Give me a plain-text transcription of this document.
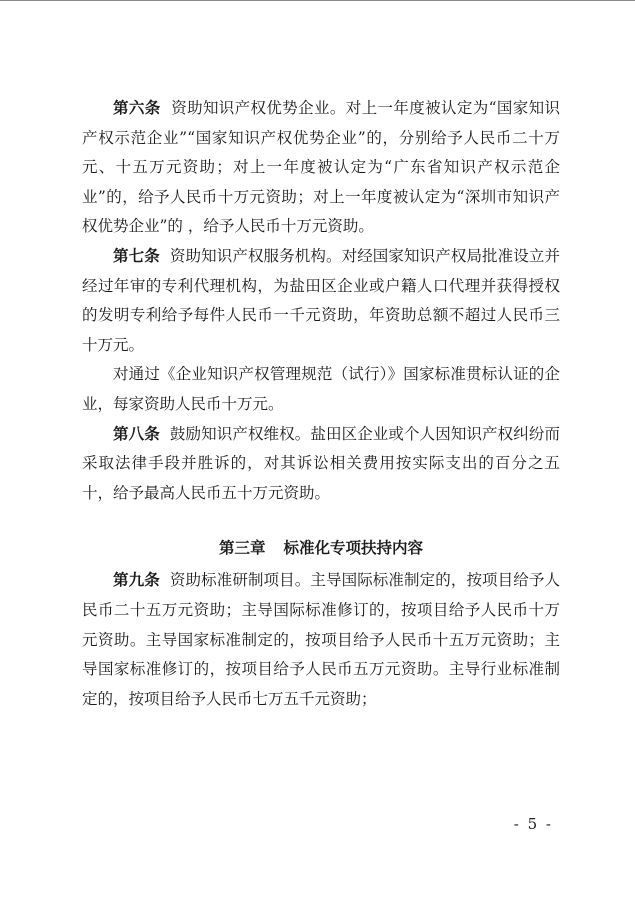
第六条 资助知识产权优势企业。对上一年度被认定为“国家知识产权示范企业”“国家知识产权优势企业”的，分别给予人民币二十万元、十五万元资助；对上一年度被认定为“广东省知识产权示范企业”的，给予人民币十万元资助；对上一年度被认定为“深圳市知识产权优势企业”的 ，给予人民币十万元资助。

第七条 资助知识产权服务机构。对经国家知识产权局批准设立并经过年审的专利代理机构，为盐田区企业或户籍人口代理并获得授权的发明专利给予每件人民币一千元资助，年资助总额不超过人民币三十万元。

对通过《企业知识产权管理规范（试行）》国家标准贯标认证的企业，每家资助人民币十万元。

第八条 鼓励知识产权维权。盐田区企业或个人因知识产权纠纷而采取法律手段并胜诉的，对其诉讼相关费用按实际支出的百分之五十，给予最高人民币五十万元资助。

第三章 标准化专项扶持内容

第九条 资助标准研制项目。主导国际标准制定的，按项目给予人民币二十五万元资助；主导国际标准修订的，按项目给予人民币十万元资助。主导国家标准制定的，按项目给予人民币十五万元资助；主导国家标准修订的，按项目给予人民币五万元资助。主导行业标准制定的，按项目给予人民币七万五千元资助；

- 5 -
